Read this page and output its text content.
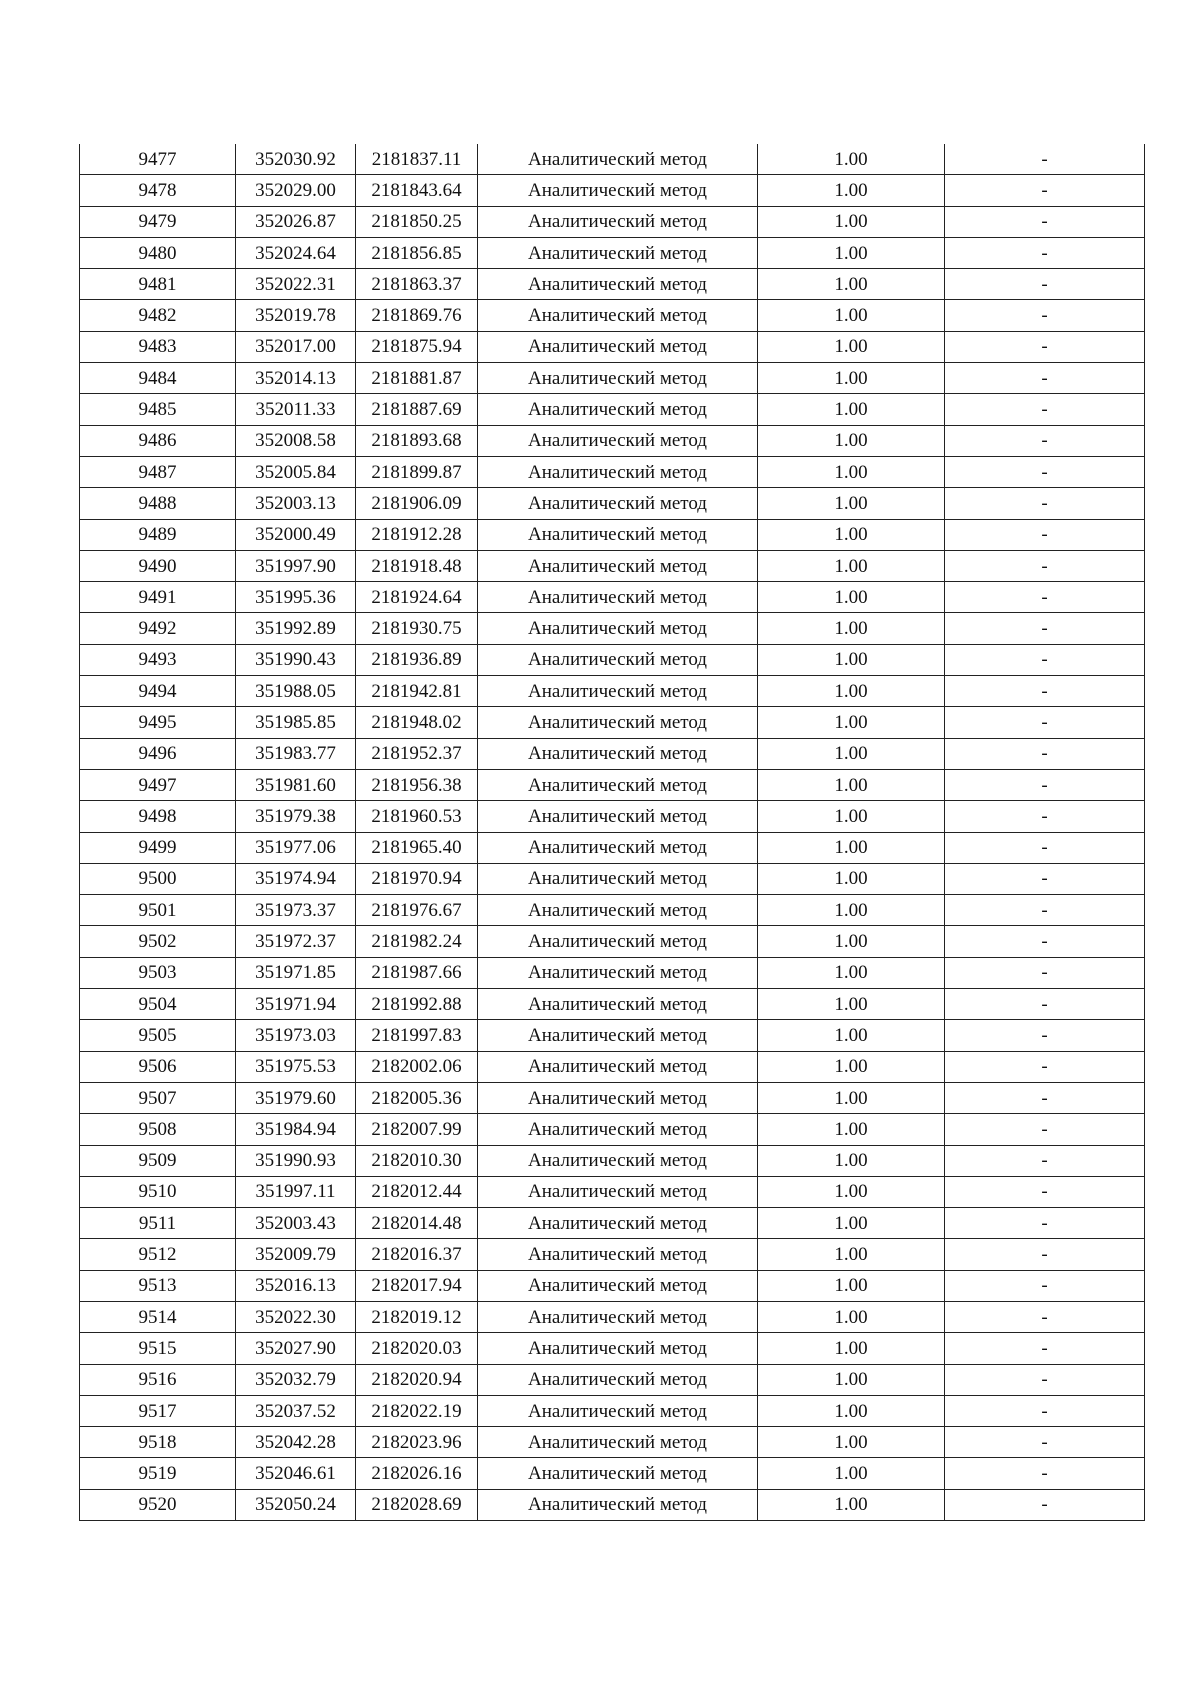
9477	352030.92	2181837.11	Аналитический метод	1.00	-
9478	352029.00	2181843.64	Аналитический метод	1.00	-
9479	352026.87	2181850.25	Аналитический метод	1.00	-
9480	352024.64	2181856.85	Аналитический метод	1.00	-
9481	352022.31	2181863.37	Аналитический метод	1.00	-
9482	352019.78	2181869.76	Аналитический метод	1.00	-
9483	352017.00	2181875.94	Аналитический метод	1.00	-
9484	352014.13	2181881.87	Аналитический метод	1.00	-
9485	352011.33	2181887.69	Аналитический метод	1.00	-
9486	352008.58	2181893.68	Аналитический метод	1.00	-
9487	352005.84	2181899.87	Аналитический метод	1.00	-
9488	352003.13	2181906.09	Аналитический метод	1.00	-
9489	352000.49	2181912.28	Аналитический метод	1.00	-
9490	351997.90	2181918.48	Аналитический метод	1.00	-
9491	351995.36	2181924.64	Аналитический метод	1.00	-
9492	351992.89	2181930.75	Аналитический метод	1.00	-
9493	351990.43	2181936.89	Аналитический метод	1.00	-
9494	351988.05	2181942.81	Аналитический метод	1.00	-
9495	351985.85	2181948.02	Аналитический метод	1.00	-
9496	351983.77	2181952.37	Аналитический метод	1.00	-
9497	351981.60	2181956.38	Аналитический метод	1.00	-
9498	351979.38	2181960.53	Аналитический метод	1.00	-
9499	351977.06	2181965.40	Аналитический метод	1.00	-
9500	351974.94	2181970.94	Аналитический метод	1.00	-
9501	351973.37	2181976.67	Аналитический метод	1.00	-
9502	351972.37	2181982.24	Аналитический метод	1.00	-
9503	351971.85	2181987.66	Аналитический метод	1.00	-
9504	351971.94	2181992.88	Аналитический метод	1.00	-
9505	351973.03	2181997.83	Аналитический метод	1.00	-
9506	351975.53	2182002.06	Аналитический метод	1.00	-
9507	351979.60	2182005.36	Аналитический метод	1.00	-
9508	351984.94	2182007.99	Аналитический метод	1.00	-
9509	351990.93	2182010.30	Аналитический метод	1.00	-
9510	351997.11	2182012.44	Аналитический метод	1.00	-
9511	352003.43	2182014.48	Аналитический метод	1.00	-
9512	352009.79	2182016.37	Аналитический метод	1.00	-
9513	352016.13	2182017.94	Аналитический метод	1.00	-
9514	352022.30	2182019.12	Аналитический метод	1.00	-
9515	352027.90	2182020.03	Аналитический метод	1.00	-
9516	352032.79	2182020.94	Аналитический метод	1.00	-
9517	352037.52	2182022.19	Аналитический метод	1.00	-
9518	352042.28	2182023.96	Аналитический метод	1.00	-
9519	352046.61	2182026.16	Аналитический метод	1.00	-
9520	352050.24	2182028.69	Аналитический метод	1.00	-
